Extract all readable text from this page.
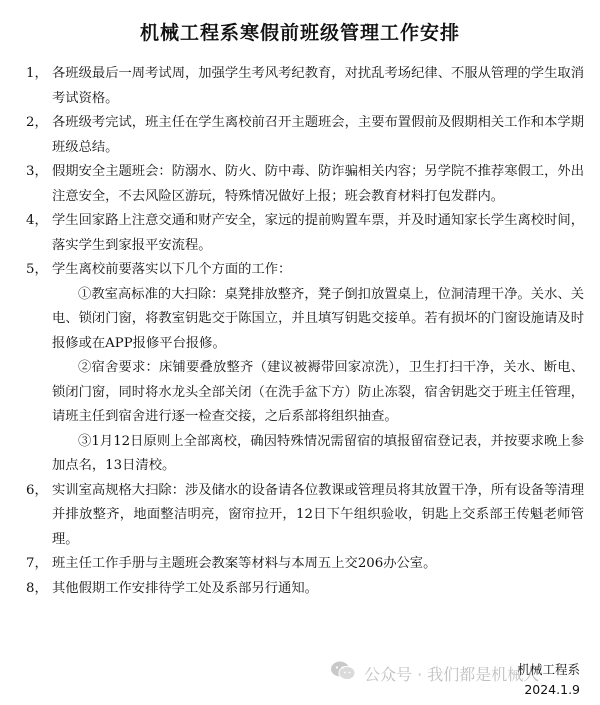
机械工程系寒假前班级管理工作安排
1， 各班级最后一周考试周，加强学生考风考纪教育，对扰乱考场纪律、不服从管理的学生取消考试资格。
2， 各班级考完试，班主任在学生离校前召开主题班会，主要布置假前及假期相关工作和本学期班级总结。
3， 假期安全主题班会：防溺水、防火、防中毒、防诈骗相关内容；另学院不推荐寒假工，外出注意安全，不去风险区游玩，特殊情况做好上报；班会教育材料打包发群内。
4， 学生回家路上注意交通和财产安全，家远的提前购置车票，并及时通知家长学生离校时间，落实学生到家报平安流程。
5， 学生离校前要落实以下几个方面的工作：
①教室高标准的大扫除：桌凳排放整齐，凳子倒扣放置桌上，位洞清理干净。关水、关电、锁闭门窗，将教室钥匙交于陈国立，并且填写钥匙交接单。若有损坏的门窗设施请及时报修或在APP报修平台报修。
②宿舍要求：床铺要叠放整齐（建议被褥带回家凉洗），卫生打扫干净，关水、断电、锁闭门窗，同时将水龙头全部关闭（在洗手盆下方）防止冻裂，宿舍钥匙交于班主任管理，请班主任到宿舍进行逐一检查交接，之后系部将组织抽查。
③1月12日原则上全部离校，确因特殊情况需留宿的填报留宿登记表，并按要求晚上参加点名，13日清校。
6， 实训室高规格大扫除：涉及储水的设备请各位教课或管理员将其放置干净，所有设备等清理并排放整齐，地面整洁明亮，窗帘拉开，12日下午组织验收，钥匙上交系部王传魁老师管理。
7， 班主任工作手册与主题班会教案等材料与本周五上交206办公室。
8， 其他假期工作安排待学工处及系部另行通知。
公众号 · 我们都是机械人
机械工程系
2024.1.9
